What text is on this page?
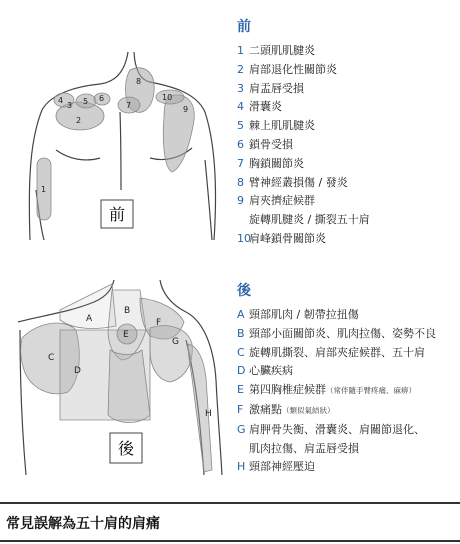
1
2
3
4 5 6
7
8
9
10
前
A
B
C
D
E
F
G
H
後
前
1 二頭肌肌腱炎
2 肩部退化性關節炎
3 肩盂唇受損
4 滑囊炎
5 棘上肌肌腱炎
6 鎖骨受損
7 胸鎖關節炎
8 臂神經叢損傷 / 發炎
9 肩夾擠症候群
旋轉肌腱炎 / 撕裂五十肩
10
肩峰鎖骨關節炎
後
A 頸部肌肉 / 韌帶拉扭傷
B 頸部小面關節炎、肌肉拉傷、姿勢不良
C 旋轉肌撕裂、肩部夾症候群、五十肩
D 心臟疾病
E 第四胸椎症候群（常伴隨手臂疼痛、麻痹）
F 激痛點（類似氣結狀）
G 肩胛骨失衡、滑囊炎、肩關節退化、
肌肉拉傷、肩盂唇受損
H 頸部神經壓迫
常見誤解為五十肩的肩痛
